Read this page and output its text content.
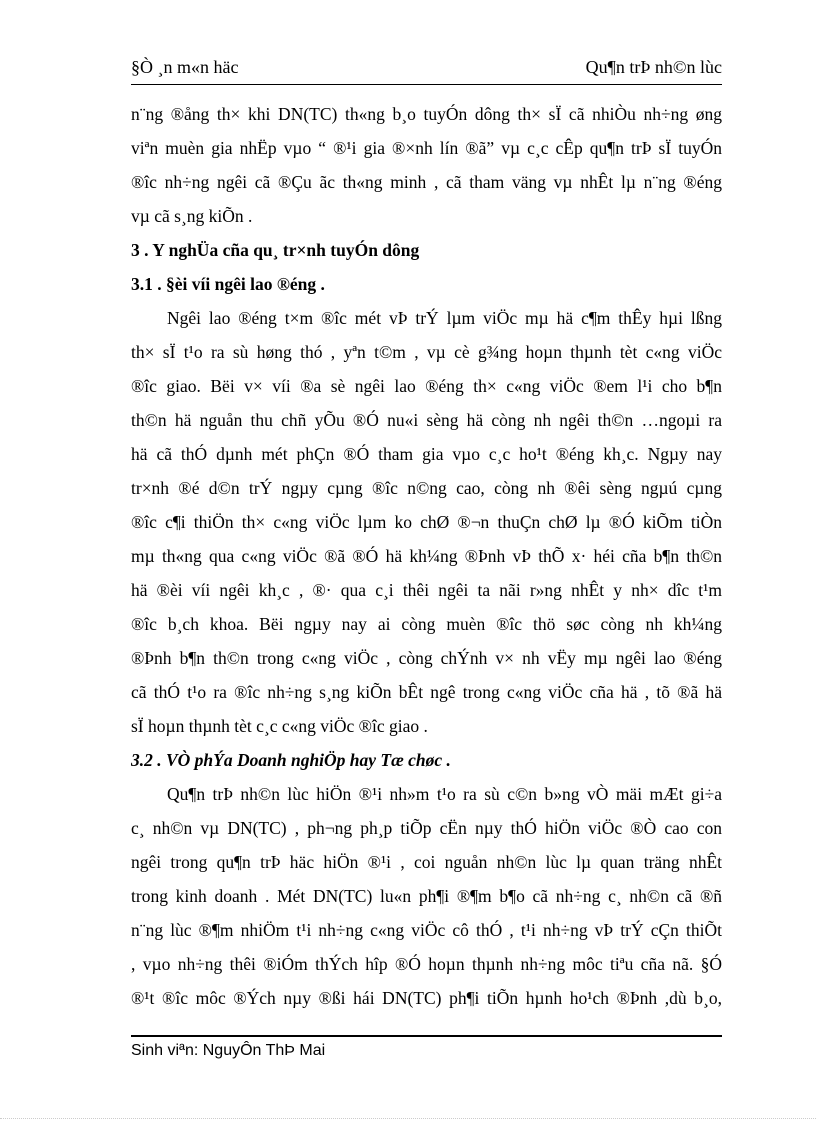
§Ò ¸n m«n häc	Qu¶n trÞ nh©n lùc
n¨ng ®ång th× khi DN(TC) th«ng b¸o tuyÓn dông th× sÏ cã nhiÒu nh÷ng øng
viªn muèn gia nhËp vµo “ ®¹i gia ®×nh lín ®ã” vµ c¸c cÊp qu¶n trÞ sÏ tuyÓn
®îc nh÷ng ngêi cã ®Çu ãc th«ng minh , cã tham väng vµ nhÊt lµ n¨ng ®éng
vµ cã s¸ng kiÕn .
3 . Y nghÜa cña qu¸ tr×nh tuyÓn dông
3.1 . §èi víi ngêi lao ®éng .
Ngêi lao ®éng t×m ®îc mét vÞ trÝ lµm viÖc mµ hä c¶m thÊy hµi lßng
th× sÏ t¹o ra sù høng thó , yªn t©m , vµ cè g¾ng hoµn thµnh tèt c«ng viÖc
®îc giao. Bëi v× víi ®a sè ngêi lao ®éng th× c«ng viÖc ®em l¹i cho b¶n
th©n hä nguån thu chñ yÕu ®Ó nu«i sèng hä còng nh ngêi th©n …ngoµi ra
hä cã thÓ dµnh mét phÇn ®Ó tham gia vµo c¸c ho¹t ®éng kh¸c. Ngµy nay
tr×nh ®é d©n trÝ ngµy cµng ®îc n©ng cao, còng nh ®êi sèng ngµú cµng
®îc c¶i thiÖn th× c«ng viÖc lµm ko chØ ®¬n thuÇn chØ lµ ®Ó kiÕm tiÒn
mµ th«ng qua c«ng viÖc ®ã ®Ó hä kh¼ng ®Þnh vÞ thÕ x· héi cña b¶n th©n
hä ®èi víi ngêi kh¸c , ®· qua c¸i thêi ngêi ta nãi r»ng nhÊt y nh× dîc t¹m
®îc b¸ch khoa. Bëi ngµy nay ai còng muèn ®îc thö søc còng nh kh¼ng
®Þnh b¶n th©n trong c«ng viÖc , còng chÝnh v× nh vËy mµ ngêi lao ®éng
cã thÓ t¹o ra ®îc nh÷ng s¸ng kiÕn bÊt ngê trong c«ng viÖc cña hä , tõ ®ã hä
sÏ hoµn thµnh tèt c¸c c«ng viÖc ®îc giao .
3.2 . VÒ phÝa Doanh nghiÖp hay Tæ chøc .
Qu¶n trÞ nh©n lùc hiÖn ®¹i nh»m t¹o ra sù c©n b»ng vÒ mäi mÆt gi÷a
c¸ nh©n vµ DN(TC) , ph¬ng ph¸p tiÕp cËn nµy thÓ hiÖn viÖc ®Ò cao con
ngêi trong qu¶n trÞ häc hiÖn ®¹i , coi nguån nh©n lùc lµ quan träng nhÊt
trong kinh doanh . Mét DN(TC) lu«n ph¶i ®¶m b¶o cã nh÷ng c¸ nh©n cã ®ñ
n¨ng lùc ®¶m nhiÖm t¹i nh÷ng c«ng viÖc cô thÓ , t¹i nh÷ng vÞ trÝ cÇn thiÕt
, vµo nh÷ng thêi ®iÓm thÝch hîp ®Ó hoµn thµnh nh÷ng môc tiªu cña nã. §Ó
®¹t ®îc môc ®Ých nµy ®ßi hái DN(TC) ph¶i tiÕn hµnh ho¹ch ®Þnh ,dù b¸o,
Sinh viªn: NguyÔn ThÞ Mai
